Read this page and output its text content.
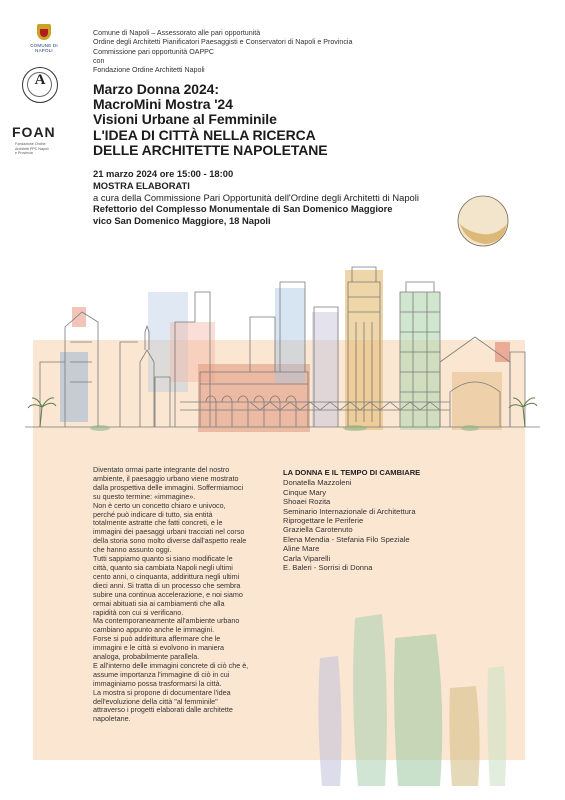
COMUNE DI NAPOLI
A
FOAN
Fondazione Ordine Architetti PPC Napoli e Provincia
Comune di Napoli – Assessorato alle pari opportunità
Ordine degli Architetti Pianificatori Paesaggisti e Conservatori di Napoli e Provincia
Commissione pari opportunità OAPPC
con
Fondazione Ordine Architetti Napoli
Marzo Donna 2024:
MacroMini Mostra '24
Visioni Urbane al Femminile
L'IDEA DI CITTÀ NELLA RICERCA
DELLE ARCHITETTE NAPOLETANE
21 marzo 2024 ore 15:00 - 18:00
MOSTRA ELABORATI
a cura della Commissione Pari Opportunità dell'Ordine degli Architetti di Napoli
Refettorio del Complesso Monumentale di San Domenico Maggiore
vico San Domenico Maggiore, 18 Napoli
Diventato ormai parte integrante del nostro
ambiente, il paesaggio urbano viene mostrato
dalla prospettiva delle immagini. Soffermiamoci
su questo termine: «immagine».
Non è certo un concetto chiaro e univoco,
perché può indicare di tutto, sia entità
totalmente astratte che fatti concreti, e le
immagini dei paesaggi urbani tracciati nel corso
della storia sono molto diverse dall'aspetto reale
che hanno assunto oggi.
Tutti sappiamo quanto si siano modificate le
città, quanto sia cambiata Napoli negli ultimi
cento anni, o cinquanta, addirittura negli ultimi
dieci anni. Si tratta di un processo che sembra
subire una continua accelerazione, e noi siamo
ormai abituati sia ai cambiamenti che alla
rapidità con cui si verificano.
Ma contemporaneamente all'ambiente urbano
cambiano appunto anche le immagini.
Forse si può addirittura affermare che le
immagini e le città si evolvono in maniera
analoga, probabilmente parallela.
E all'interno delle immagini concrete di ciò che è,
assume importanza l'immagine di ciò in cui
immaginiamo possa trasformarsi la città.
La mostra si propone di documentare l'idea
dell'evoluzione della città "al femminile"
attraverso i progetti elaborati dalle architette
napoletane.
LA DONNA E IL TEMPO DI CAMBIARE
Donatella Mazzoleni
Cinque Mary
Shoaei Rozita
Seminario Internazionale di Architettura
Riprogettare le Periferie
Graziella Carotenuto
Elena Mendia - Stefania Filo Speziale
Aline Mare
Carla Viparelli
E. Baleri - Sorrisi di Donna
